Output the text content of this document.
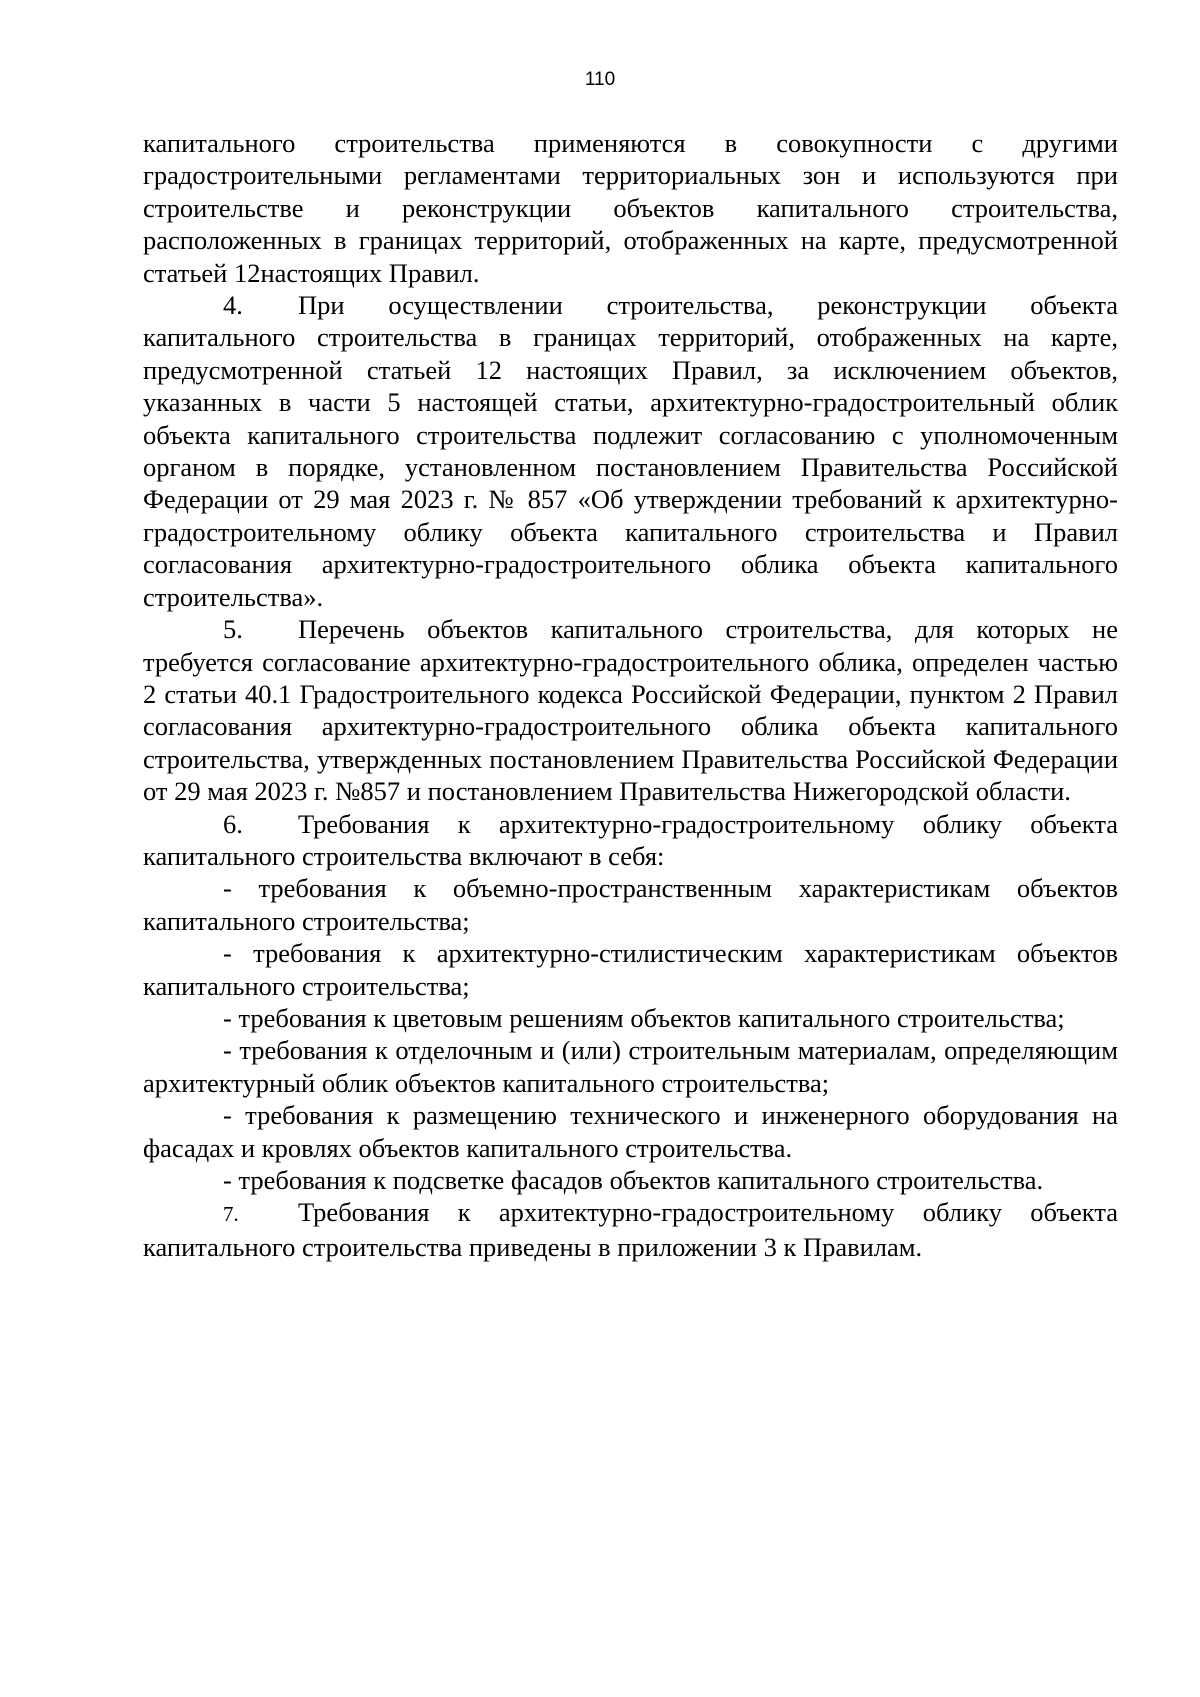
110

капитального строительства применяются в совокупности с другими градостроительными регламентами территориальных зон и используются при строительстве и реконструкции объектов капитального строительства, расположенных в границах территорий, отображенных на карте, предусмотренной статьей 12настоящих Правил.

4. При осуществлении строительства, реконструкции объекта капитального строительства в границах территорий, отображенных на карте, предусмотренной статьей 12 настоящих Правил, за исключением объектов, указанных в части 5 настоящей статьи, архитектурно-градостроительный облик объекта капитального строительства подлежит согласованию с уполномоченным органом в порядке, установленном постановлением Правительства Российской Федерации от 29 мая 2023 г. № 857 «Об утверждении требований к архитектурно-градостроительному облику объекта капитального строительства и Правил согласования архитектурно-градостроительного облика объекта капитального строительства».

5. Перечень объектов капитального строительства, для которых не требуется согласование архитектурно-градостроительного облика, определен частью 2 статьи 40.1 Градостроительного кодекса Российской Федерации, пунктом 2 Правил согласования архитектурно-градостроительного облика объекта капитального строительства, утвержденных постановлением Правительства Российской Федерации от 29 мая 2023 г. №857 и постановлением Правительства Нижегородской области.

6. Требования к архитектурно-градостроительному облику объекта капитального строительства включают в себя:

- требования к объемно-пространственным характеристикам объектов капитального строительства;

- требования к архитектурно-стилистическим характеристикам объектов капитального строительства;

- требования к цветовым решениям объектов капитального строительства;

- требования к отделочным и (или) строительным материалам, определяющим архитектурный облик объектов капитального строительства;

- требования к размещению технического и инженерного оборудования на фасадах и кровлях объектов капитального строительства.

- требования к подсветке фасадов объектов капитального строительства.

7. Требования к архитектурно-градостроительному облику объекта капитального строительства приведены в приложении 3 к Правилам.
